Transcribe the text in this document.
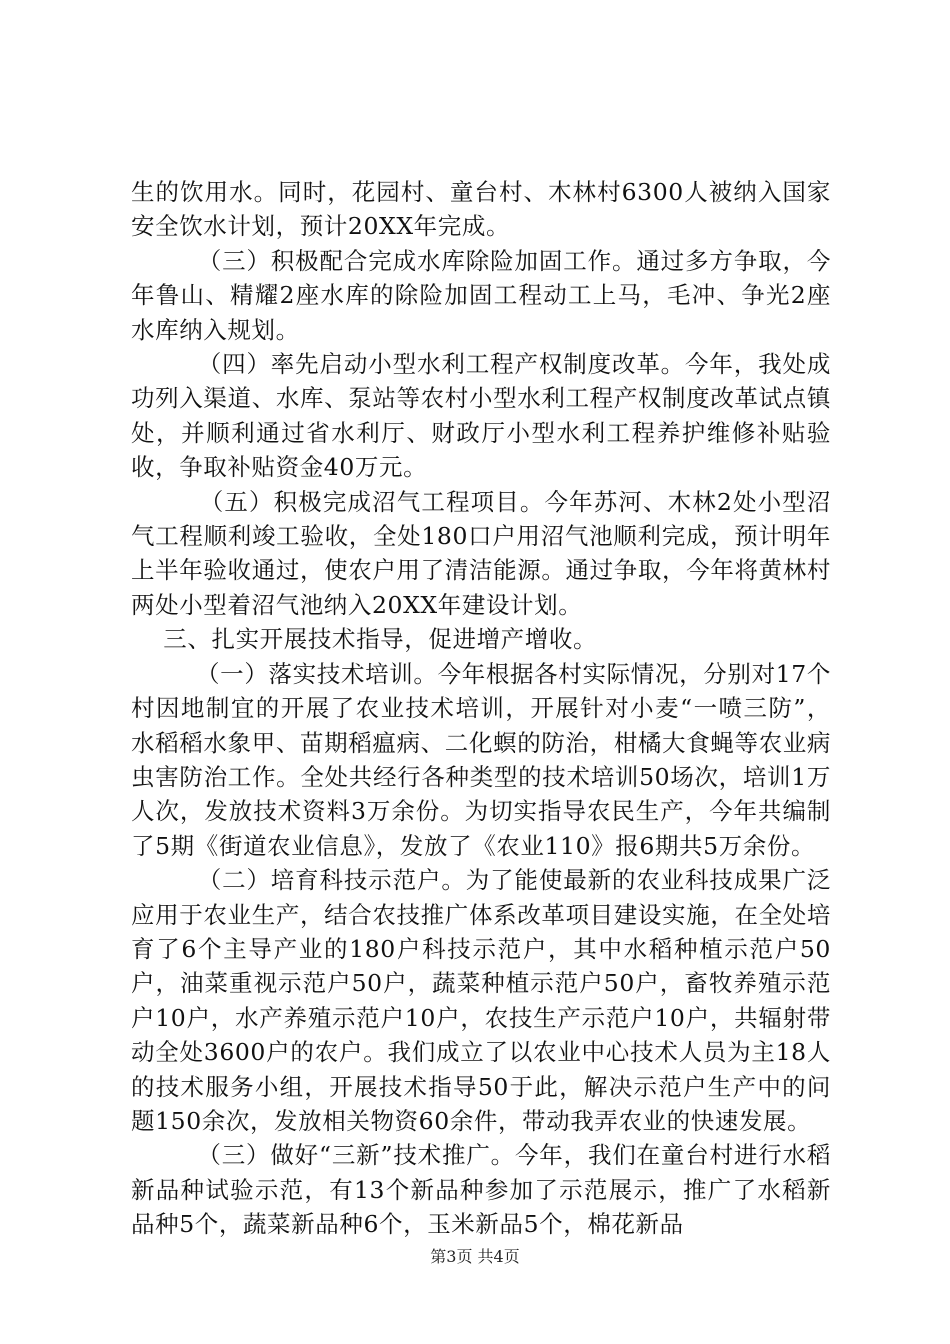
生的饮用水。同时，花园村、童台村、木林村6300人被纳入国家安全饮水计划，预计20XX年完成。

（三）积极配合完成水库除险加固工作。通过多方争取，今年鲁山、精耀2座水库的除险加固工程动工上马，毛冲、争光2座水库纳入规划。

（四）率先启动小型水利工程产权制度改革。今年，我处成功列入渠道、水库、泵站等农村小型水利工程产权制度改革试点镇处，并顺利通过省水利厅、财政厅小型水利工程养护维修补贴验收，争取补贴资金40万元。

（五）积极完成沼气工程项目。今年苏河、木林2处小型沼气工程顺利竣工验收，全处180口户用沼气池顺利完成，预计明年上半年验收通过，使农户用了清洁能源。通过争取，今年将黄林村两处小型着沼气池纳入20XX年建设计划。

三、扎实开展技术指导，促进增产增收。

（一）落实技术培训。今年根据各村实际情况，分别对17个村因地制宜的开展了农业技术培训，开展针对小麦“一喷三防”，水稻稻水象甲、苗期稻瘟病、二化螟的防治，柑橘大食蝇等农业病虫害防治工作。全处共经行各种类型的技术培训50场次，培训1万人次，发放技术资料3万余份。为切实指导农民生产，今年共编制了5期《街道农业信息》，发放了《农业110》报6期共5万余份。

（二）培育科技示范户。为了能使最新的农业科技成果广泛应用于农业生产，结合农技推广体系改革项目建设实施，在全处培育了6个主导产业的180户科技示范户，其中水稻种植示范户50户，油菜重视示范户50户，蔬菜种植示范户50户，畜牧养殖示范户10户，水产养殖示范户10户，农技生产示范户10户，共辐射带动全处3600户的农户。我们成立了以农业中心技术人员为主18人的技术服务小组，开展技术指导50于此，解决示范户生产中的问题150余次，发放相关物资60余件，带动我弄农业的快速发展。

（三）做好“三新”技术推广。今年，我们在童台村进行水稻新品种试验示范，有13个新品种参加了示范展示，推广了水稻新品种5个，蔬菜新品种6个，玉米新品5个，棉花新品

第3页 共4页
